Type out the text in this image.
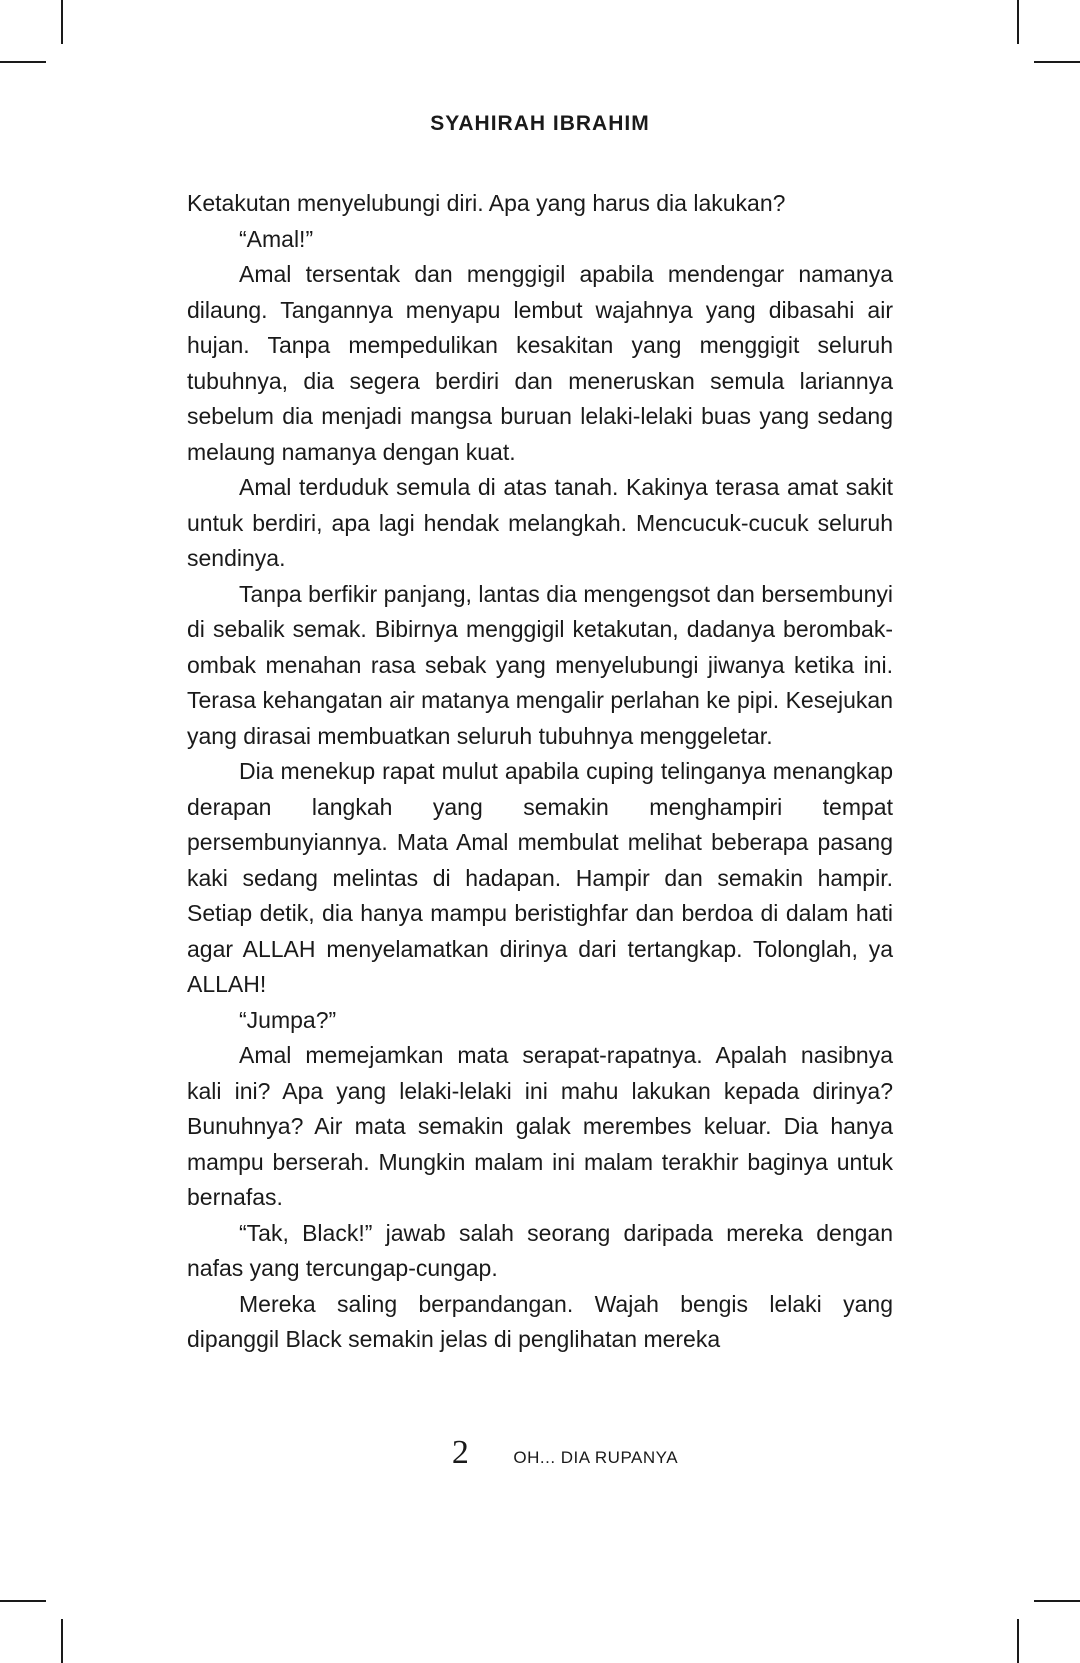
SYAHIRAH IBRAHIM

Ketakutan menyelubungi diri. Apa yang harus dia lakukan?

“Amal!”

Amal tersentak dan menggigil apabila mendengar namanya dilaung. Tangannya menyapu lembut wajahnya yang dibasahi air hujan. Tanpa mempedulikan kesakitan yang menggigit seluruh tubuhnya, dia segera berdiri dan meneruskan semula lariannya sebelum dia menjadi mangsa buruan lelaki-lelaki buas yang sedang melaung namanya dengan kuat.

Amal terduduk semula di atas tanah. Kakinya terasa amat sakit untuk berdiri, apa lagi hendak melangkah. Mencucuk-cucuk seluruh sendinya.

Tanpa berfikir panjang, lantas dia mengengsot dan bersembunyi di sebalik semak. Bibirnya menggigil ketakutan, dadanya berombak-ombak menahan rasa sebak yang menyelubungi jiwanya ketika ini. Terasa kehangatan air matanya mengalir perlahan ke pipi. Kesejukan yang dirasai membuatkan seluruh tubuhnya menggeletar.

Dia menekup rapat mulut apabila cuping telinganya menangkap derapan langkah yang semakin menghampiri tempat persembunyiannya. Mata Amal membulat melihat beberapa pasang kaki sedang melintas di hadapan. Hampir dan semakin hampir. Setiap detik, dia hanya mampu beristighfar dan berdoa di dalam hati agar ALLAH menyelamatkan dirinya dari tertangkap. Tolonglah, ya ALLAH!

“Jumpa?”

Amal memejamkan mata serapat-rapatnya. Apalah nasibnya kali ini? Apa yang lelaki-lelaki ini mahu lakukan kepada dirinya? Bunuhnya? Air mata semakin galak merembes keluar. Dia hanya mampu berserah. Mungkin malam ini malam terakhir baginya untuk bernafas.

“Tak, Black!” jawab salah seorang daripada mereka dengan nafas yang tercungap-cungap.

Mereka saling berpandangan. Wajah bengis lelaki yang dipanggil Black semakin jelas di penglihatan mereka

2	OH... DIA RUPANYA
